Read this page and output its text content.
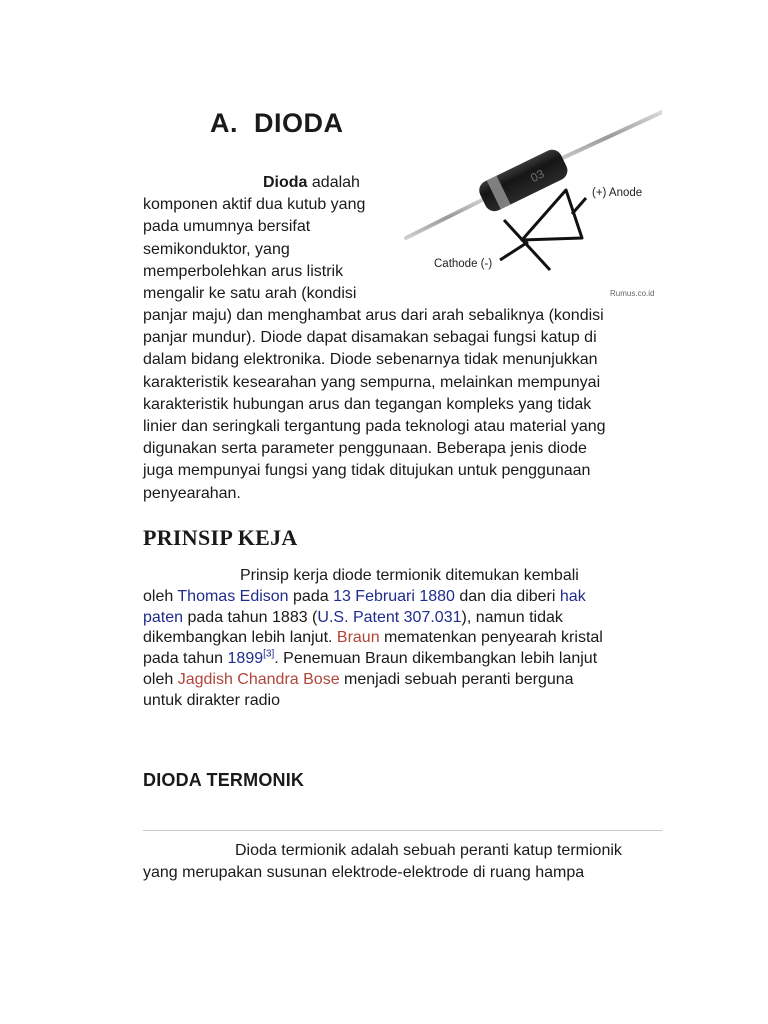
A. DIODA
03
(+) Anode
Cathode (-)
Rumus.co.id

Dioda adalah

komponen aktif dua kutub yang

pada umumnya bersifat

semikonduktor, yang

memperbolehkan arus listrik

mengalir ke satu arah (kondisi

panjar maju) dan menghambat arus dari arah sebaliknya (kondisi

panjar mundur). Diode dapat disamakan sebagai fungsi katup di

dalam bidang elektronika. Diode sebenarnya tidak menunjukkan

karakteristik kesearahan yang sempurna, melainkan mempunyai

karakteristik hubungan arus dan tegangan kompleks yang tidak

linier dan seringkali tergantung pada teknologi atau material yang

digunakan serta parameter penggunaan. Beberapa jenis diode

juga mempunyai fungsi yang tidak ditujukan untuk penggunaan

penyearahan.

PRINSIP KEJA

Prinsip kerja diode termionik ditemukan kembali

oleh Thomas Edison pada 13 Februari 1880 dan dia diberi hak

paten pada tahun 1883 (U.S. Patent 307.031), namun tidak

dikembangkan lebih lanjut. Braun mematenkan penyearah kristal

pada tahun 1899[3]. Penemuan Braun dikembangkan lebih lanjut

oleh Jagdish Chandra Bose menjadi sebuah peranti berguna

untuk dirakter radio

DIODA TERMONIK

Dioda termionik adalah sebuah peranti katup termionik

yang merupakan susunan elektrode-elektrode di ruang hampa
